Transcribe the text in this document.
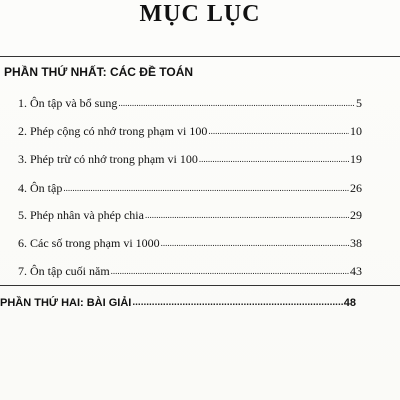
MỤC LỤC
PHẦN THỨ NHẤT: CÁC ĐỀ TOÁN
1. Ôn tập và bổ sung .....	5
2. Phép cộng có nhớ trong phạm vi 100 .....	10
3. Phép trừ có nhớ trong phạm vi 100 .....	19
4. Ôn tập .....	26
5. Phép nhân và phép chia .....	29
6. Các số trong phạm vi 1000 .....	38
7. Ôn tập cuối năm .....	43
PHẦN THỨ HAI: BÀI GIẢI .....	48
